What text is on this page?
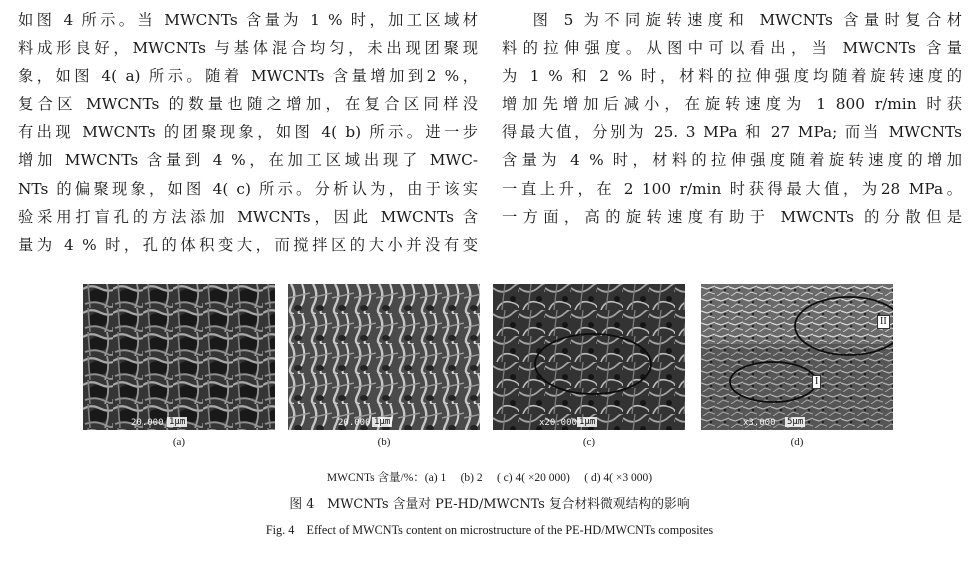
如图 4 所示。当 MWCNTs 含量为 1 % 时，加工区域材
料成形良好，MWCNTs 与基体混合均匀，未出现团聚现
象，如图 4( a) 所示。随着 MWCNTs 含量增加到2 %，
复合区 MWCNTs 的数量也随之增加，在复合区同样没
有出现 MWCNTs 的团聚现象，如图 4( b) 所示。进一步
增加 MWCNTs 含量到 4 %，在加工区域出现了 MWC-
NTs 的偏聚现象，如图 4( c) 所示。分析认为，由于该实
验采用打盲孔的方法添加 MWCNTs，因此 MWCNTs 含
量为 4 % 时，孔的体积变大，而搅拌区的大小并没有变
图 5 为不同旋转速度和 MWCNTs 含量时复合材
料的拉伸强度。从图中可以看出，当 MWCNTs 含量
为 1 % 和 2 % 时，材料的拉伸强度均随着旋转速度的
增加先增加后减小，在旋转速度为 1 800 r/min 时获
得最大值，分别为 25. 3 MPa 和 27 MPa; 而当 MWCNTs
含量为 4 % 时，材料的拉伸强度随着旋转速度的增加
一直上升，在 2 100 r/min 时获得最大值，为28 MPa。
一方面，高的旋转速度有助于 MWCNTs 的分散但是
20.000 1μm
(a)
20.000 1μm
(b)
x20.000 1μm
(c)
II
I
x3.000 5μm
(d)
MWCNTs 含量/%：(a) 1 　(b) 2 　( c) 4( ×20 000) 　( d) 4( ×3 000)
图 4　MWCNTs 含量对 PE-HD/MWCNTs 复合材料微观结构的影响
Fig. 4　Effect of MWCNTs content on microstructure of the PE-HD/MWCNTs composites
